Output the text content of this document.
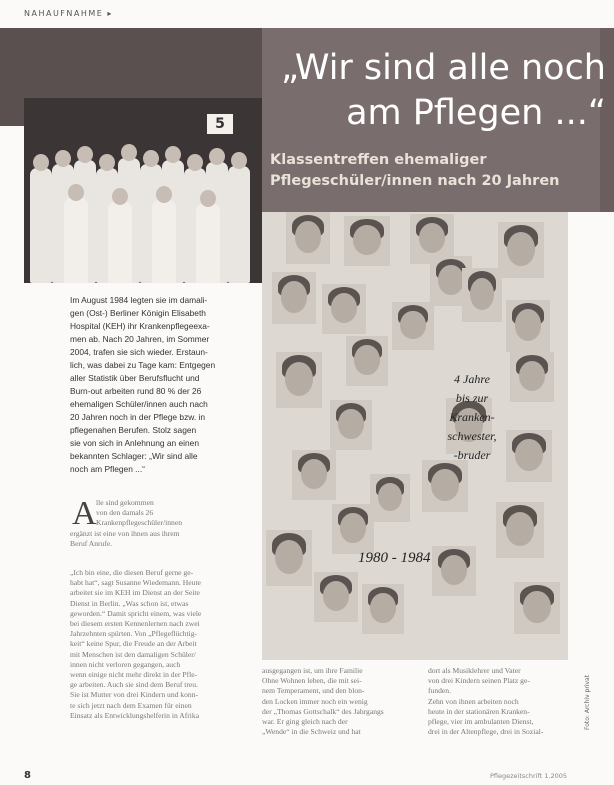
NAHAUFNAHME ▸
„Wir sind alle noch
am Pflegen ...“
Klassentreffen ehemaliger
Pflegeschüler/innen nach 20 Jahren
5
Im August 1984 legten sie im damali-
gen (Ost-) Berliner Königin Elisabeth
Hospital (KEH) ihr Krankenpflegeexa-
men ab. Nach 20 Jahren, im Sommer
2004, trafen sie sich wieder. Erstaun-
lich, was dabei zu Tage kam: Entgegen
aller Statistik über Berufsflucht und
Burn-out arbeiten rund 80 % der 26
ehemaligen Schüler/innen auch nach
20 Jahren noch in der Pflege bzw. in
pflegenahen Berufen. Stolz sagen
sie von sich in Anlehnung an einen
bekannten Schlager: „Wir sind alle
noch am Pflegen ...“
A lle sind gekommen
von den damals 26
Krankenpflegeschüler/innen
ergänzt ist eine von ihnen aus ihrem
Beruf Anrufe.
„Ich bin eine, die diesen Beruf gerne ge-
habt hat“, sagt Susanne Wiedemann. Heute
arbeitet sie im KEH im Dienst an der Seite
Dienst in Berlin. „Was schon ist, etwas
geworden.“ Damit spricht einem, was viele
bei diesem ersten Kennenlernen nach zwei
Jahrzehnten spürten. Von „Pflegeflüchtig-
keit“ keine Spur, die Freude an der Arbeit
mit Menschen ist den damaligen Schüler/
innen nicht verloren gegangen, auch
wenn einige nicht mehr direkt in der Pfle-
ge arbeiten. Auch sie sind dem Beruf treu.
Sie ist Mutter von drei Kindern und konn-
te sich jetzt nach dem Examen für einen
Einsatz als Entwicklungshelferin in Afrika
4 Jahre
bis zur
Kranken-
schwester,
-bruder
1980 - 1984
ausgegangen ist, um ihre Familie
Ohne Wohnen leben, die mit sei-
nem Temperament, und den blon-
den Locken immer noch ein wenig
der „Thomas Gottschalk“ des Jahrgangs
war. Er ging gleich nach der
„Wende“ in die Schweiz und hat
dort als Musiklehrer und Vater
von drei Kindern seinen Platz ge-
funden.
Zehn von ihnen arbeiten noch
heute in der stationären Kranken-
pflege, vier im ambulanten Dienst,
drei in der Altenpflege, drei in Sozial-
Foto: Archiv privat
8	Pflegezeitschrift 1.2005
